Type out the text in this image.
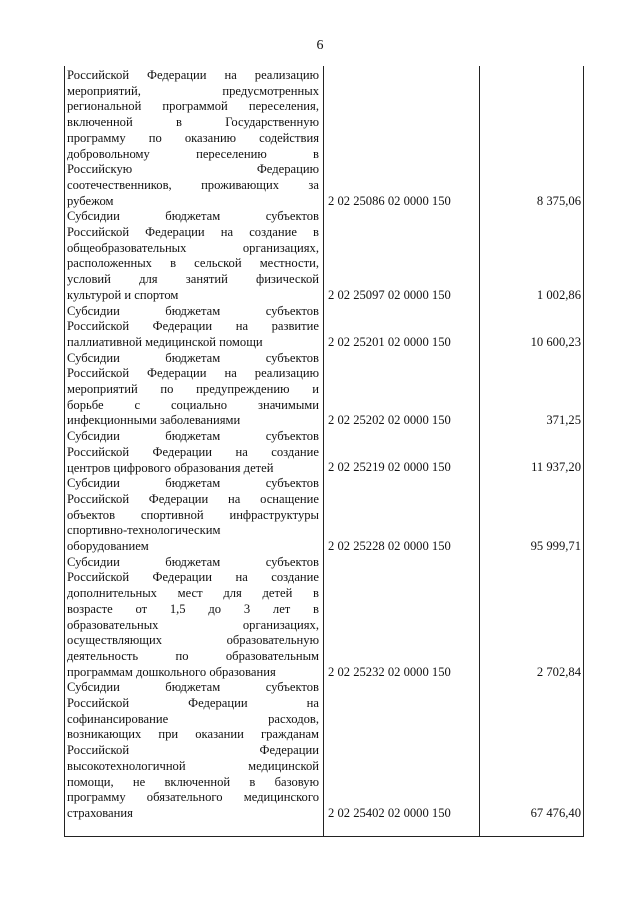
6
Российской Федерации на реализацию
мероприятий, предусмотренных
региональной программой переселения,
включенной в Государственную
программу по оказанию содействия
добровольному переселению в
Российскую Федерацию
соотечественников, проживающих за
рубежом	2 02 25086 02 0000 150	8 375,06
Субсидии бюджетам субъектов
Российской Федерации на создание в
общеобразовательных организациях,
расположенных в сельской местности,
условий для занятий физической
культурой и спортом	2 02 25097 02 0000 150	1 002,86
Субсидии бюджетам субъектов
Российской Федерации на развитие
паллиативной медицинской помощи	2 02 25201 02 0000 150	10 600,23
Субсидии бюджетам субъектов
Российской Федерации на реализацию
мероприятий по предупреждению и
борьбе с социально значимыми
инфекционными заболеваниями	2 02 25202 02 0000 150	371,25
Субсидии бюджетам субъектов
Российской Федерации на создание
центров цифрового образования детей	2 02 25219 02 0000 150	11 937,20
Субсидии бюджетам субъектов
Российской Федерации на оснащение
объектов спортивной инфраструктуры
спортивно-технологическим
оборудованием	2 02 25228 02 0000 150	95 999,71
Субсидии бюджетам субъектов
Российской Федерации на создание
дополнительных мест для детей в
возрасте от 1,5 до 3 лет в
образовательных организациях,
осуществляющих образовательную
деятельность по образовательным
программам дошкольного образования	2 02 25232 02 0000 150	2 702,84
Субсидии бюджетам субъектов
Российской Федерации на
софинансирование расходов,
возникающих при оказании гражданам
Российской Федерации
высокотехнологичной медицинской
помощи, не включенной в базовую
программу обязательного медицинского
страхования	2 02 25402 02 0000 150	67 476,40
